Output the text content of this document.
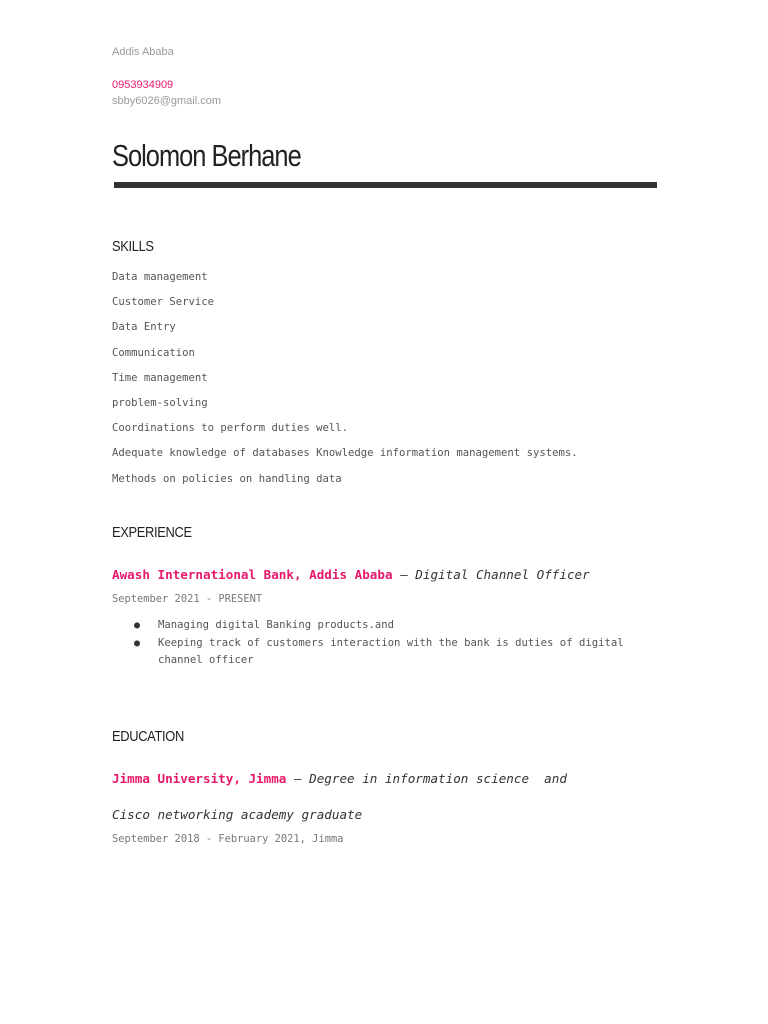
Addis Ababa
0953934909
sbby6026@gmail.com
Solomon Berhane
SKILLS
Data management
Customer Service
Data Entry
Communication
Time management
problem-solving
Coordinations to perform duties well.
Adequate knowledge of databases Knowledge information management systems.
Methods on policies on handling data
EXPERIENCE
Awash International Bank, Addis Ababa — Digital Channel Officer
September 2021 - PRESENT
● Managing digital Banking products.and
● Keeping track of customers interaction with the bank is duties of digital channel officer
EDUCATION
Jimma University, Jimma — Degree in information science  and
Cisco networking academy graduate
September 2018 - February 2021, Jimma
